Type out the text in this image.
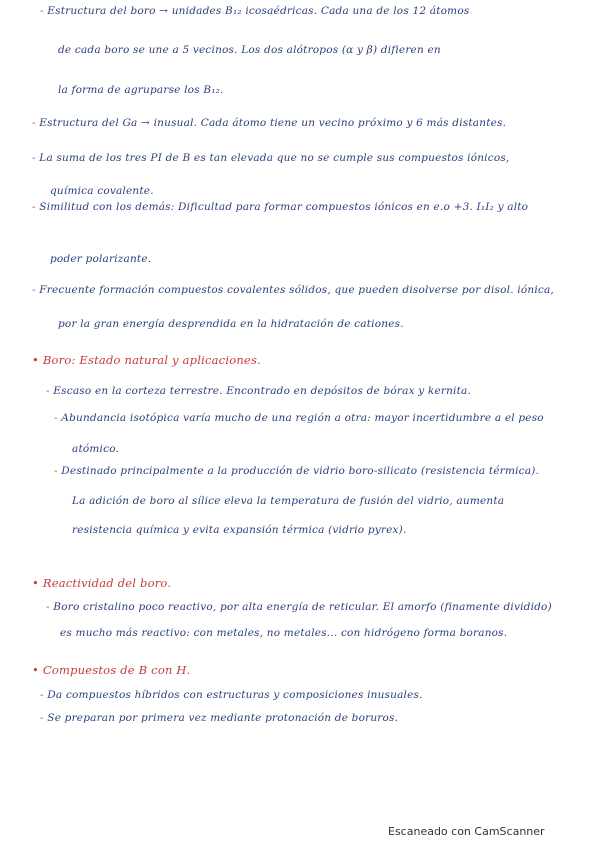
- Estructura del boro → unidades B₁₂ icosaédricas. Cada una de los 12 átomos
de cada boro se une a 5 vecinos. Los dos alótropos (α y β) difieren en
la forma de agruparse los B₁₂.
- Estructura del Ga → inusual. Cada átomo tiene un vecino próximo y 6 más distantes.
- La suma de los tres PI de B es tan elevada que no se cumple sus compuestos iónicos,
química covalente.
- Similitud con los demás: Dificultad para formar compuestos iónicos en e.o +3. I₁I₂ y alto
poder polarizante.
- Frecuente formación compuestos covalentes sólidos, que pueden disolverse por disol. iónica,
por la gran energía desprendida en la hidratación de cationes.
• Boro: Estado natural y aplicaciones.
- Escaso en la corteza terrestre. Encontrado en depósitos de bórax y kernita.
- Abundancia isotópica varía mucho de una región a otra: mayor incertidumbre a el peso
atómico.
- Destinado principalmente a la producción de vidrio boro-silicato (resistencia térmica).
La adición de boro al sílice eleva la temperatura de fusión del vidrio, aumenta
resistencia química y evita expansión térmica (vidrio pyrex).
• Reactividad del boro.
- Boro cristalino poco reactivo, por alta energía de reticular. El amorfo (finamente dividido)
es mucho más reactivo: con metales, no metales... con hidrógeno forma boranos.
• Compuestos de B con H.
- Da compuestos híbridos con estructuras y composiciones inusuales.
- Se preparan por primera vez mediante protonación de boruros.
Escaneado con CamScanner
